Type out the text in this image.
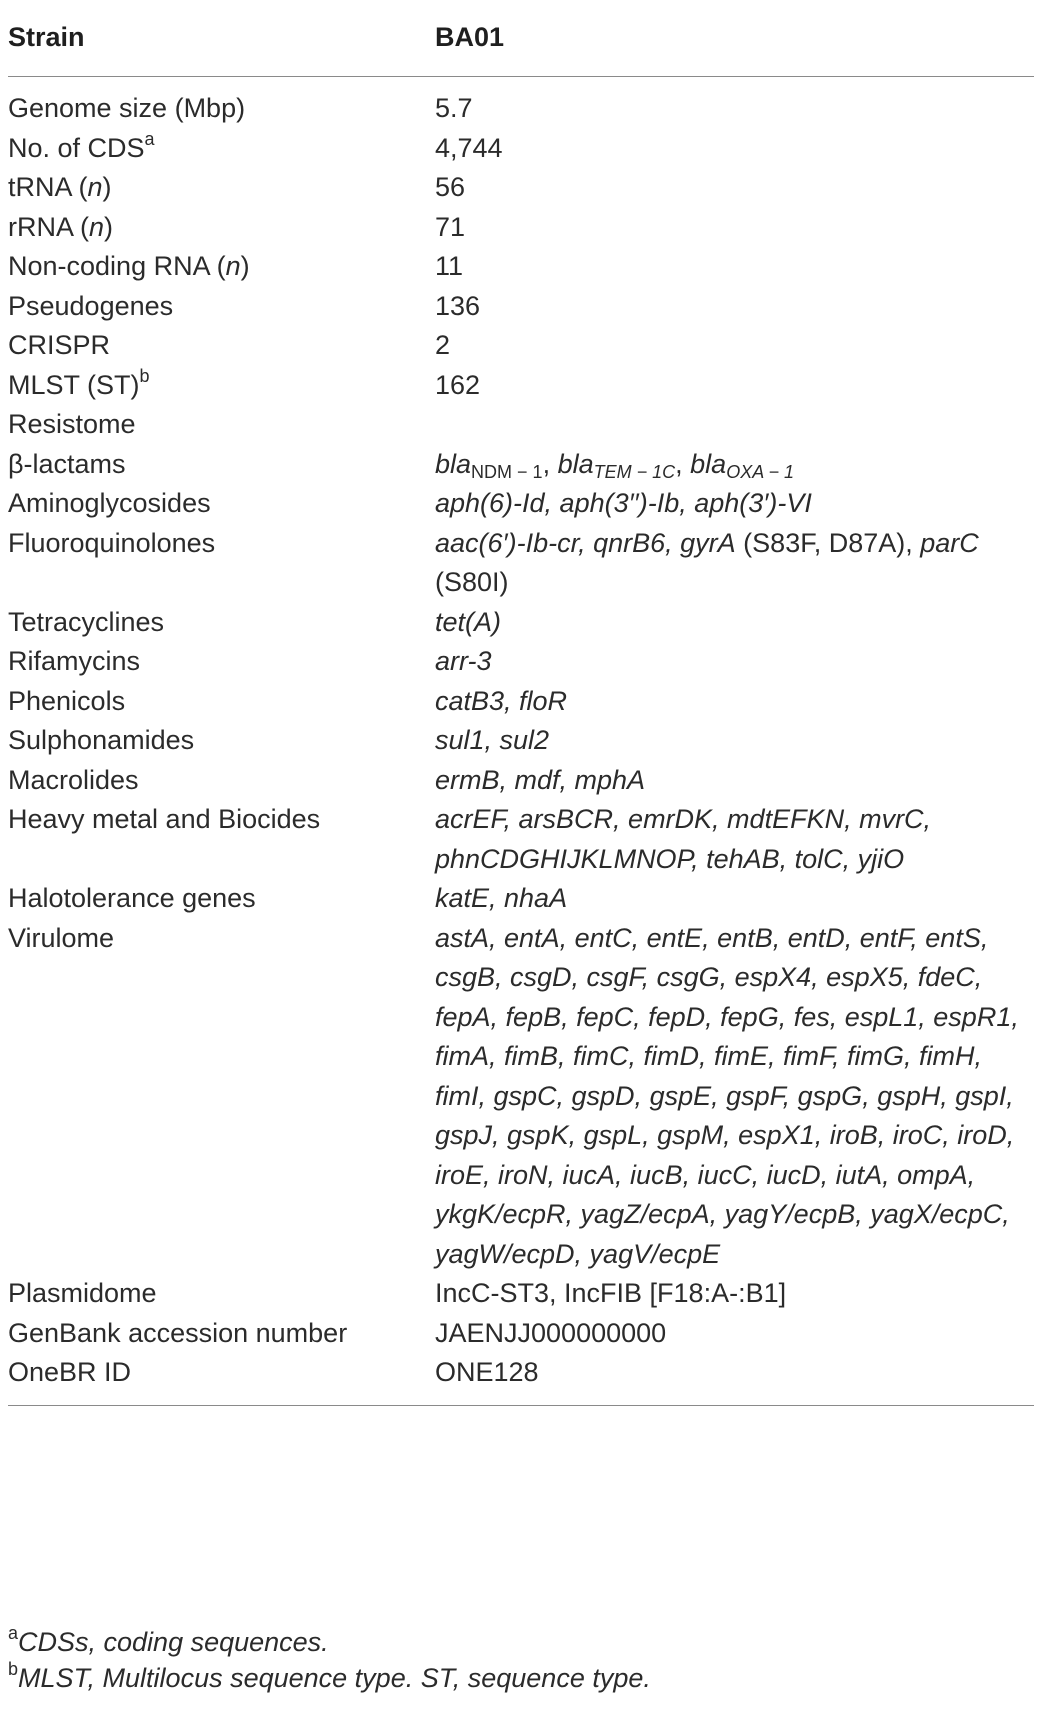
Strain	BA01
Genome size (Mbp)	5.7
No. of CDS$^a$	4,744
tRNA (n)	56
rRNA (n)	71
Non-coding RNA (n)	11
Pseudogenes	136
CRISPR	2
MLST (ST)$^b$	162
Resistome	
β-lactams	bla$_{NDM - 1}$, bla$_{TEM - 1C}$, bla$_{OXA - 1}$
Aminoglycosides	aph(6)-Id, aph(3′′)-Ib, aph(3′)-VI
Fluoroquinolones	aac(6′)-Ib-cr, qnrB6, gyrA (S83F, D87A), parC (S80I)
Tetracyclines	tet(A)
Rifamycins	arr-3
Phenicols	catB3, floR
Sulphonamides	sul1, sul2
Macrolides	ermB, mdf, mphA
Heavy metal and Biocides	acrEF, arsBCR, emrDK, mdtEFKN, mvrC, phnCDGHIJKLMNOP, tehAB, tolC, yjiO
Halotolerance genes	katE, nhaA
Virulome	astA, entA, entC, entE, entB, entD, entF, entS, csgB, csgD, csgF, csgG, espX4, espX5, fdeC, fepA, fepB, fepC, fepD, fepG, fes, espL1, espR1, fimA, fimB, fimC, fimD, fimE, fimF, fimG, fimH, fimI, gspC, gspD, gspE, gspF, gspG, gspH, gspI, gspJ, gspK, gspL, gspM, espX1, iroB, iroC, iroD, iroE, iroN, iucA, iucB, iucC, iucD, iutA, ompA, ykgK/ecpR, yagZ/ecpA, yagY/ecpB, yagX/ecpC, yagW/ecpD, yagV/ecpE
Plasmidome	IncC-ST3, IncFIB [F18:A-:B1]
GenBank accession number	JAENJJ000000000
OneBR ID	ONE128
$^a$CDSs, coding sequences.
$^b$MLST, Multilocus sequence type. ST, sequence type.
